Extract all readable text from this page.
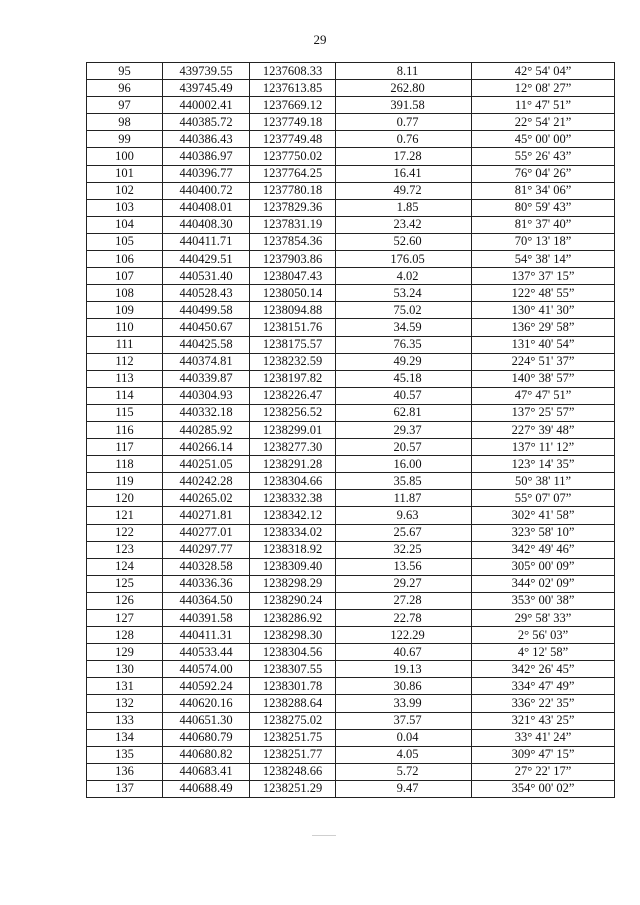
29
95	439739.55	1237608.33	8.11	42° 54' 04”
96	439745.49	1237613.85	262.80	12° 08' 27”
97	440002.41	1237669.12	391.58	11° 47' 51”
98	440385.72	1237749.18	0.77	22° 54' 21”
99	440386.43	1237749.48	0.76	45° 00' 00”
100	440386.97	1237750.02	17.28	55° 26' 43”
101	440396.77	1237764.25	16.41	76° 04' 26”
102	440400.72	1237780.18	49.72	81° 34' 06”
103	440408.01	1237829.36	1.85	80° 59' 43”
104	440408.30	1237831.19	23.42	81° 37' 40”
105	440411.71	1237854.36	52.60	70° 13' 18”
106	440429.51	1237903.86	176.05	54° 38' 14”
107	440531.40	1238047.43	4.02	137° 37' 15”
108	440528.43	1238050.14	53.24	122° 48' 55”
109	440499.58	1238094.88	75.02	130° 41' 30”
110	440450.67	1238151.76	34.59	136° 29' 58”
111	440425.58	1238175.57	76.35	131° 40' 54”
112	440374.81	1238232.59	49.29	224° 51' 37”
113	440339.87	1238197.82	45.18	140° 38' 57”
114	440304.93	1238226.47	40.57	47° 47' 51”
115	440332.18	1238256.52	62.81	137° 25' 57”
116	440285.92	1238299.01	29.37	227° 39' 48”
117	440266.14	1238277.30	20.57	137° 11' 12”
118	440251.05	1238291.28	16.00	123° 14' 35”
119	440242.28	1238304.66	35.85	50° 38' 11”
120	440265.02	1238332.38	11.87	55° 07' 07”
121	440271.81	1238342.12	9.63	302° 41' 58”
122	440277.01	1238334.02	25.67	323° 58' 10”
123	440297.77	1238318.92	32.25	342° 49' 46”
124	440328.58	1238309.40	13.56	305° 00' 09”
125	440336.36	1238298.29	29.27	344° 02' 09”
126	440364.50	1238290.24	27.28	353° 00' 38”
127	440391.58	1238286.92	22.78	29° 58' 33”
128	440411.31	1238298.30	122.29	2° 56' 03”
129	440533.44	1238304.56	40.67	4° 12' 58”
130	440574.00	1238307.55	19.13	342° 26' 45”
131	440592.24	1238301.78	30.86	334° 47' 49”
132	440620.16	1238288.64	33.99	336° 22' 35”
133	440651.30	1238275.02	37.57	321° 43' 25”
134	440680.79	1238251.75	0.04	33° 41' 24”
135	440680.82	1238251.77	4.05	309° 47' 15”
136	440683.41	1238248.66	5.72	27° 22' 17”
137	440688.49	1238251.29	9.47	354° 00' 02”
